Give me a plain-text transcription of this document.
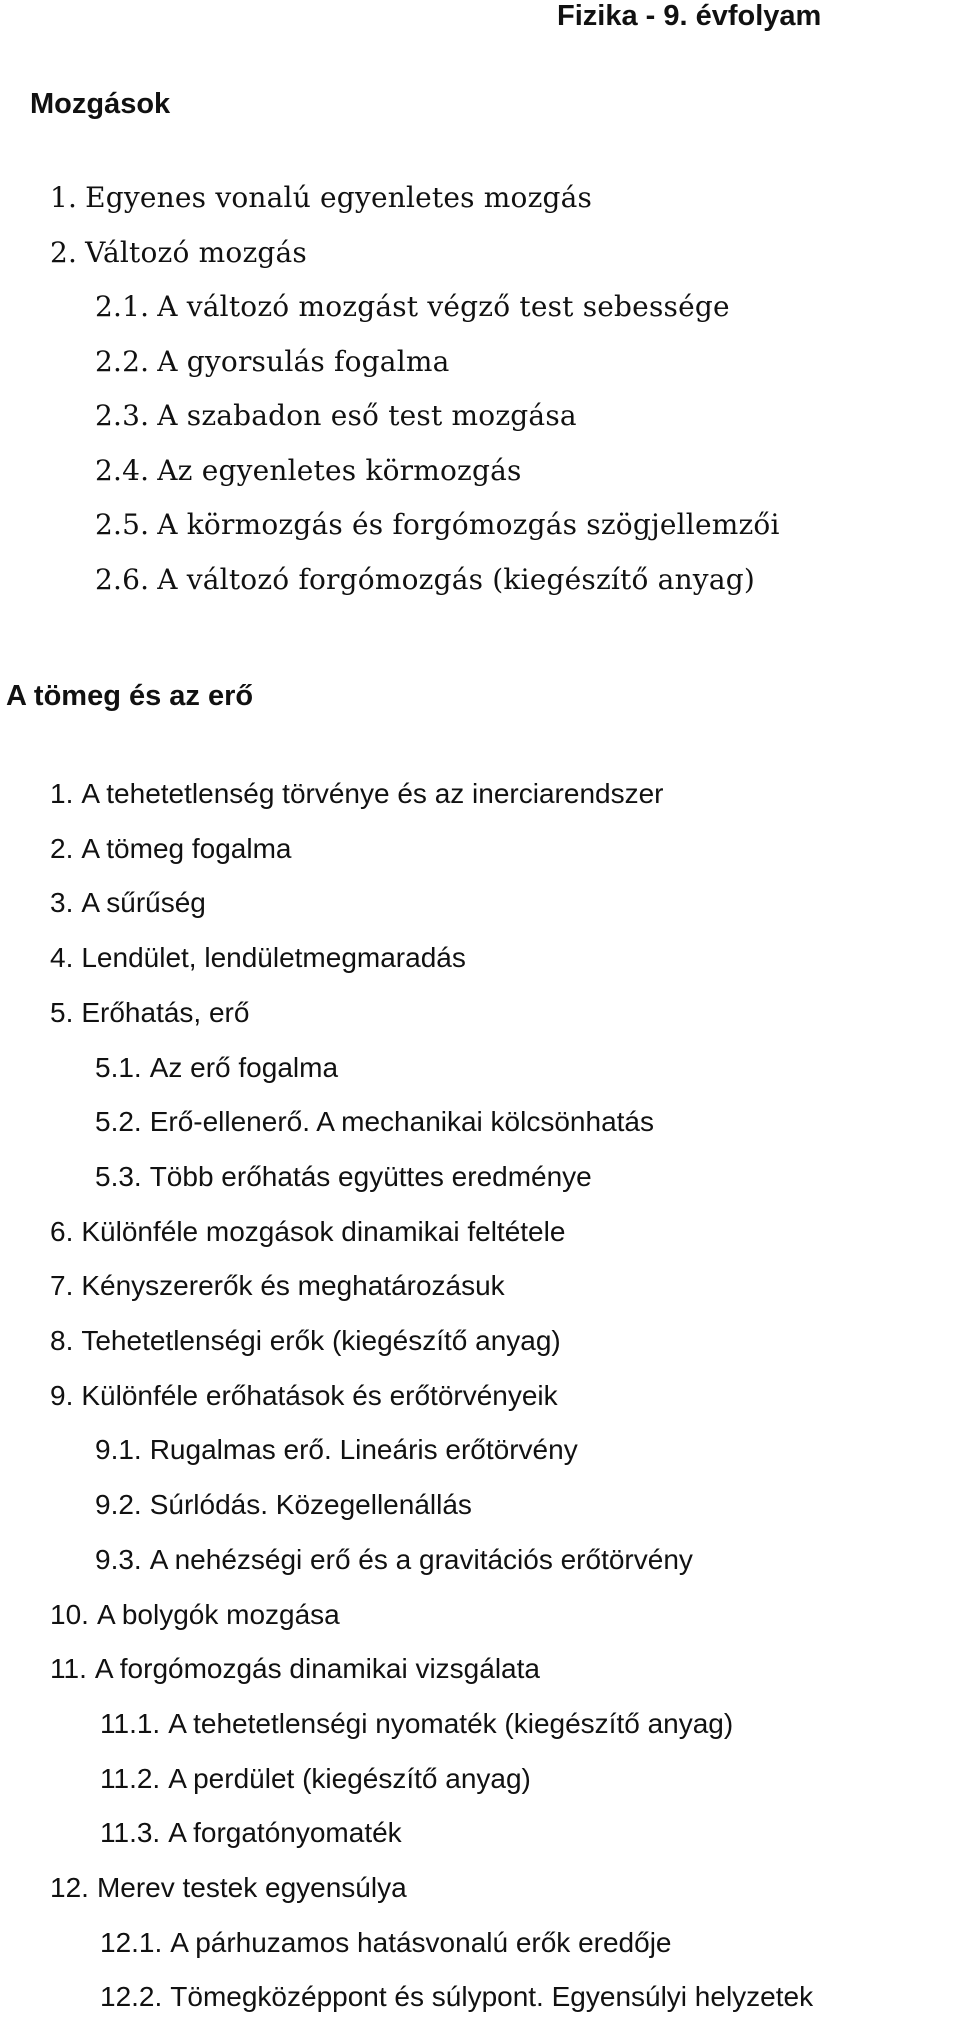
Fizika - 9. évfolyam
Mozgások
1. Egyenes vonalú egyenletes mozgás
2. Változó mozgás
2.1. A változó mozgást végző test sebessége
2.2. A gyorsulás fogalma
2.3. A szabadon eső test mozgása
2.4. Az egyenletes körmozgás
2.5. A körmozgás és forgómozgás szögjellemzői
2.6. A változó forgómozgás (kiegészítő anyag)
A tömeg és az erő
1. A tehetetlenség törvénye és az inerciarendszer
2. A tömeg fogalma
3. A sűrűség
4. Lendület, lendületmegmaradás
5. Erőhatás, erő
5.1. Az erő fogalma
5.2. Erő-ellenerő. A mechanikai kölcsönhatás
5.3. Több erőhatás együttes eredménye
6. Különféle mozgások dinamikai feltétele
7. Kényszererők és meghatározásuk
8. Tehetetlenségi erők (kiegészítő anyag)
9. Különféle erőhatások és erőtörvényeik
9.1. Rugalmas erő. Lineáris erőtörvény
9.2. Súrlódás. Közegellenállás
9.3. A nehézségi erő és a gravitációs erőtörvény
10. A bolygók mozgása
11. A forgómozgás dinamikai vizsgálata
11.1. A tehetetlenségi nyomaték (kiegészítő anyag)
11.2. A perdület (kiegészítő anyag)
11.3. A forgatónyomaték
12. Merev testek egyensúlya
12.1. A párhuzamos hatásvonalú erők eredője
12.2. Tömegközéppont és súlypont. Egyensúlyi helyzetek
